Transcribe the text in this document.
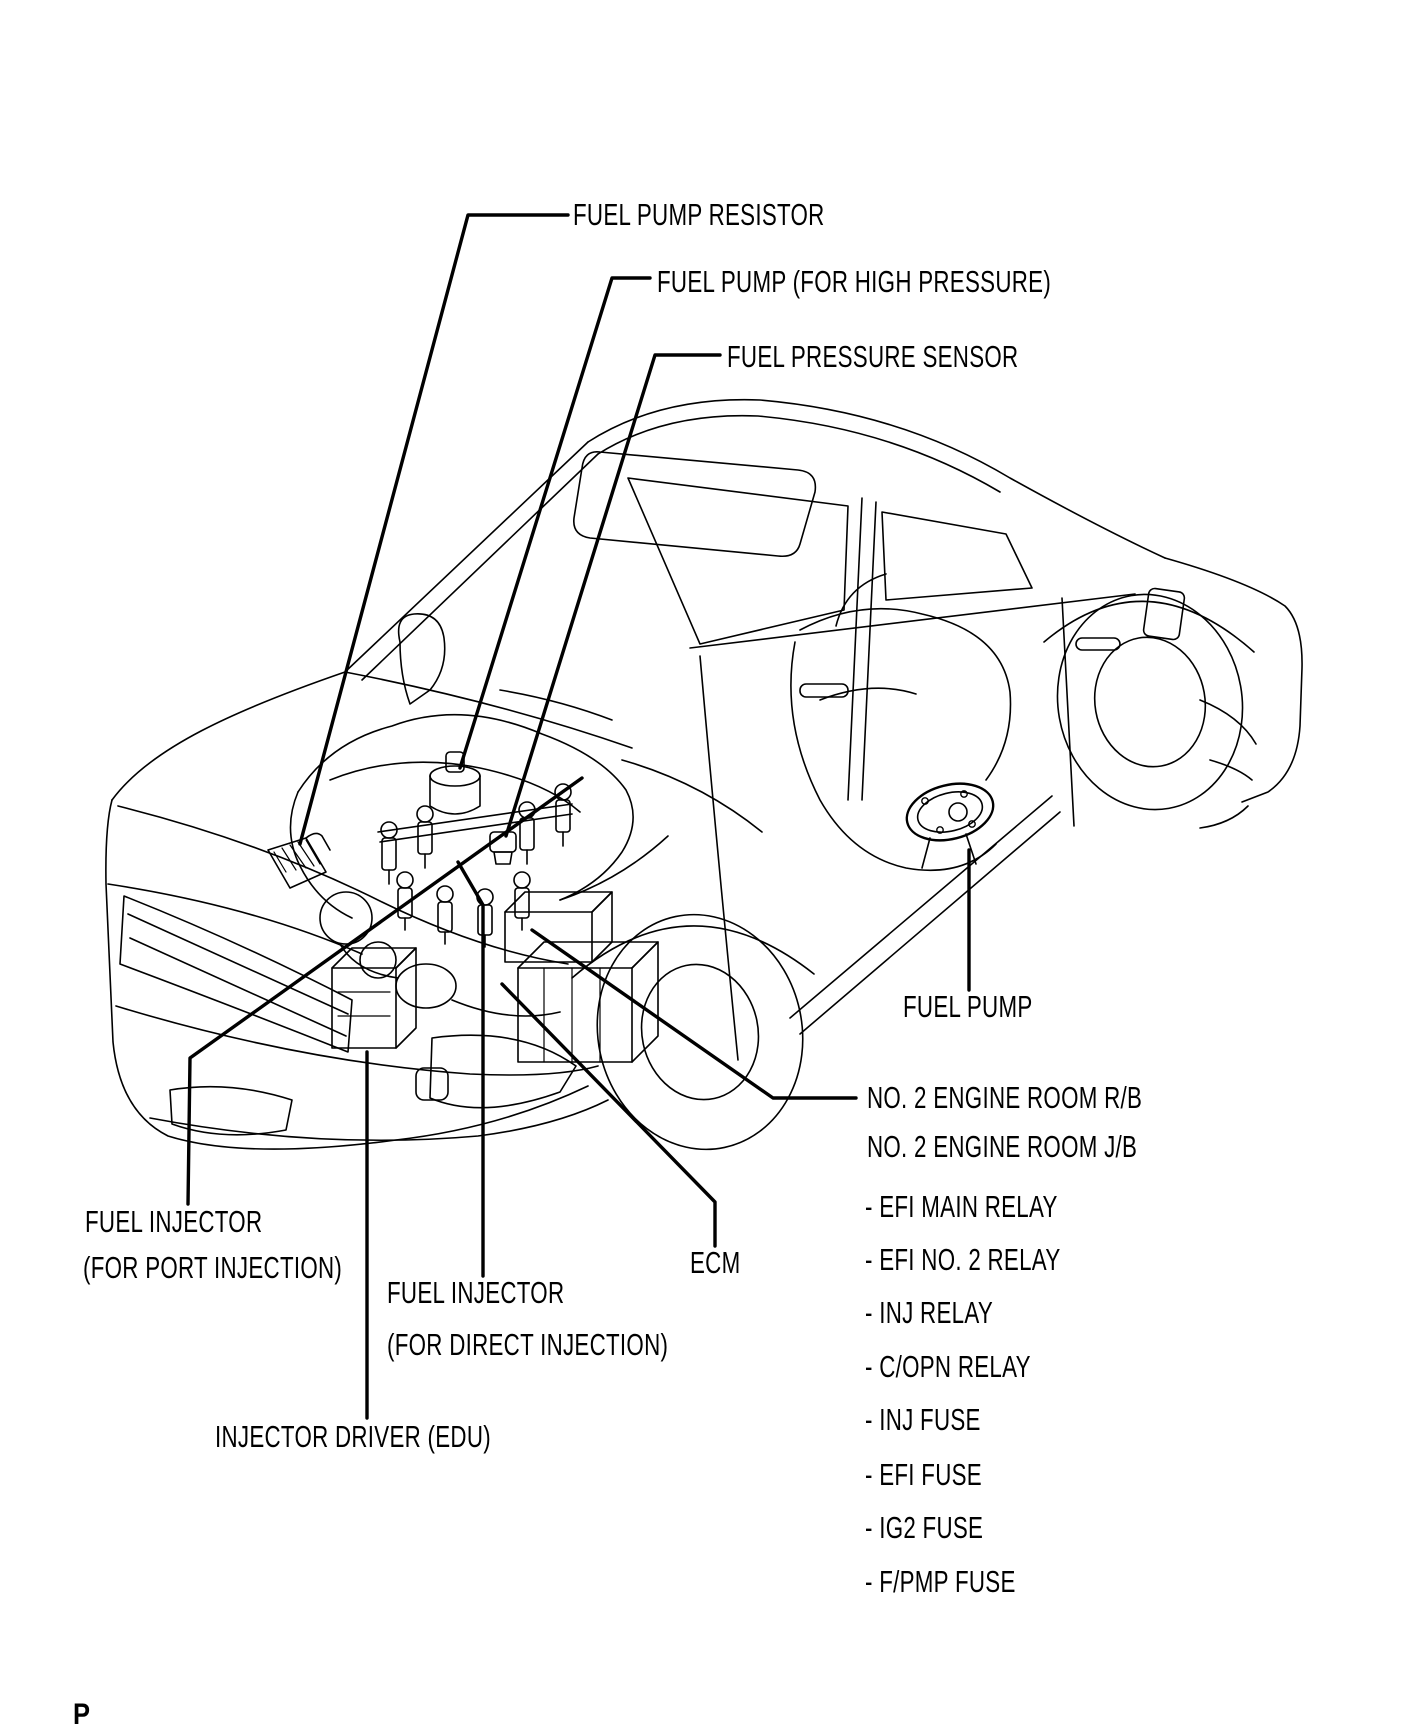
FUEL PUMP RESISTOR
FUEL PUMP (FOR HIGH PRESSURE)
FUEL PRESSURE SENSOR
FUEL PUMP
NO. 2 ENGINE ROOM R/B
NO. 2 ENGINE ROOM J/B
- EFI MAIN RELAY
- EFI NO. 2 RELAY
- INJ RELAY
- C/OPN RELAY
- INJ FUSE
- EFI FUSE
- IG2 FUSE
- F/PMP FUSE
FUEL INJECTOR
(FOR PORT INJECTION)
FUEL INJECTOR
(FOR DIRECT INJECTION)
ECM
INJECTOR DRIVER (EDU)
P
